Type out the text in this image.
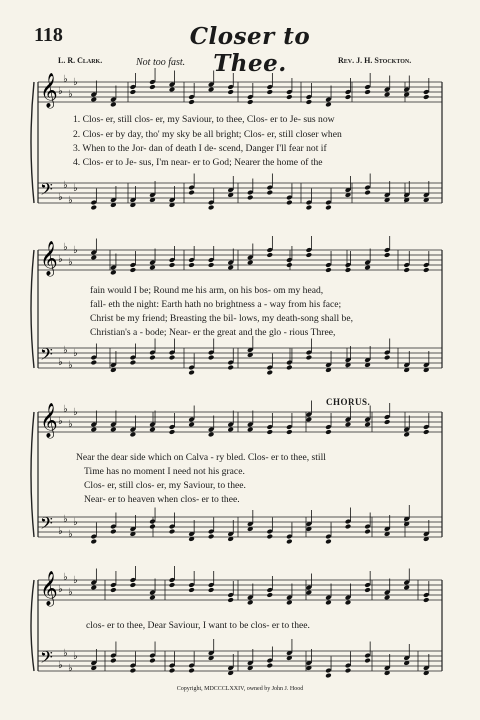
118	Closer to Thee.
L. R. Clark.	Not too fast.	Rev. J. H. Stockton.
𝄞
𝄢
♭
♭
♭
♭
♭
♭
♭
♭
𝄞
𝄢
♭
♭
♭
♭
♭
♭
♭
♭
𝄞
𝄢
♭
♭
♭
♭
♭
♭
♭
♭
𝄞
𝄢
♭
♭
♭
♭
♭
♭
♭
♭
1. Clos- er, still clos- er, my Saviour, to thee, Clos- er to Je- sus now
2. Clos- er by day, tho' my sky be all bright; Clos- er, still closer when
3. When to the Jor- dan of death I de- scend, Danger I'll fear not if
4. Clos- er to Je- sus, I'm near- er to God; Nearer the home of the
fain would I be; Round me his arm, on his bos- om my head,
fall- eth the night: Earth hath no brightness a - way from his face;
Christ be my friend; Breasting the bil- lows, my death-song shall be,
Christian's a - bode; Near- er the great and the glo - rious Three,
CHORUS.
Near the dear side which on Calva - ry bled. Clos- er to thee, still
Time has no moment I need not his grace.
Clos- er, still clos- er, my Saviour, to thee.
Near- er to heaven when clos- er to thee.
clos- er to thee, Dear Saviour, I want to be clos- er to thee.
Copyright, MDCCCLXXIV, owned by John J. Hood
